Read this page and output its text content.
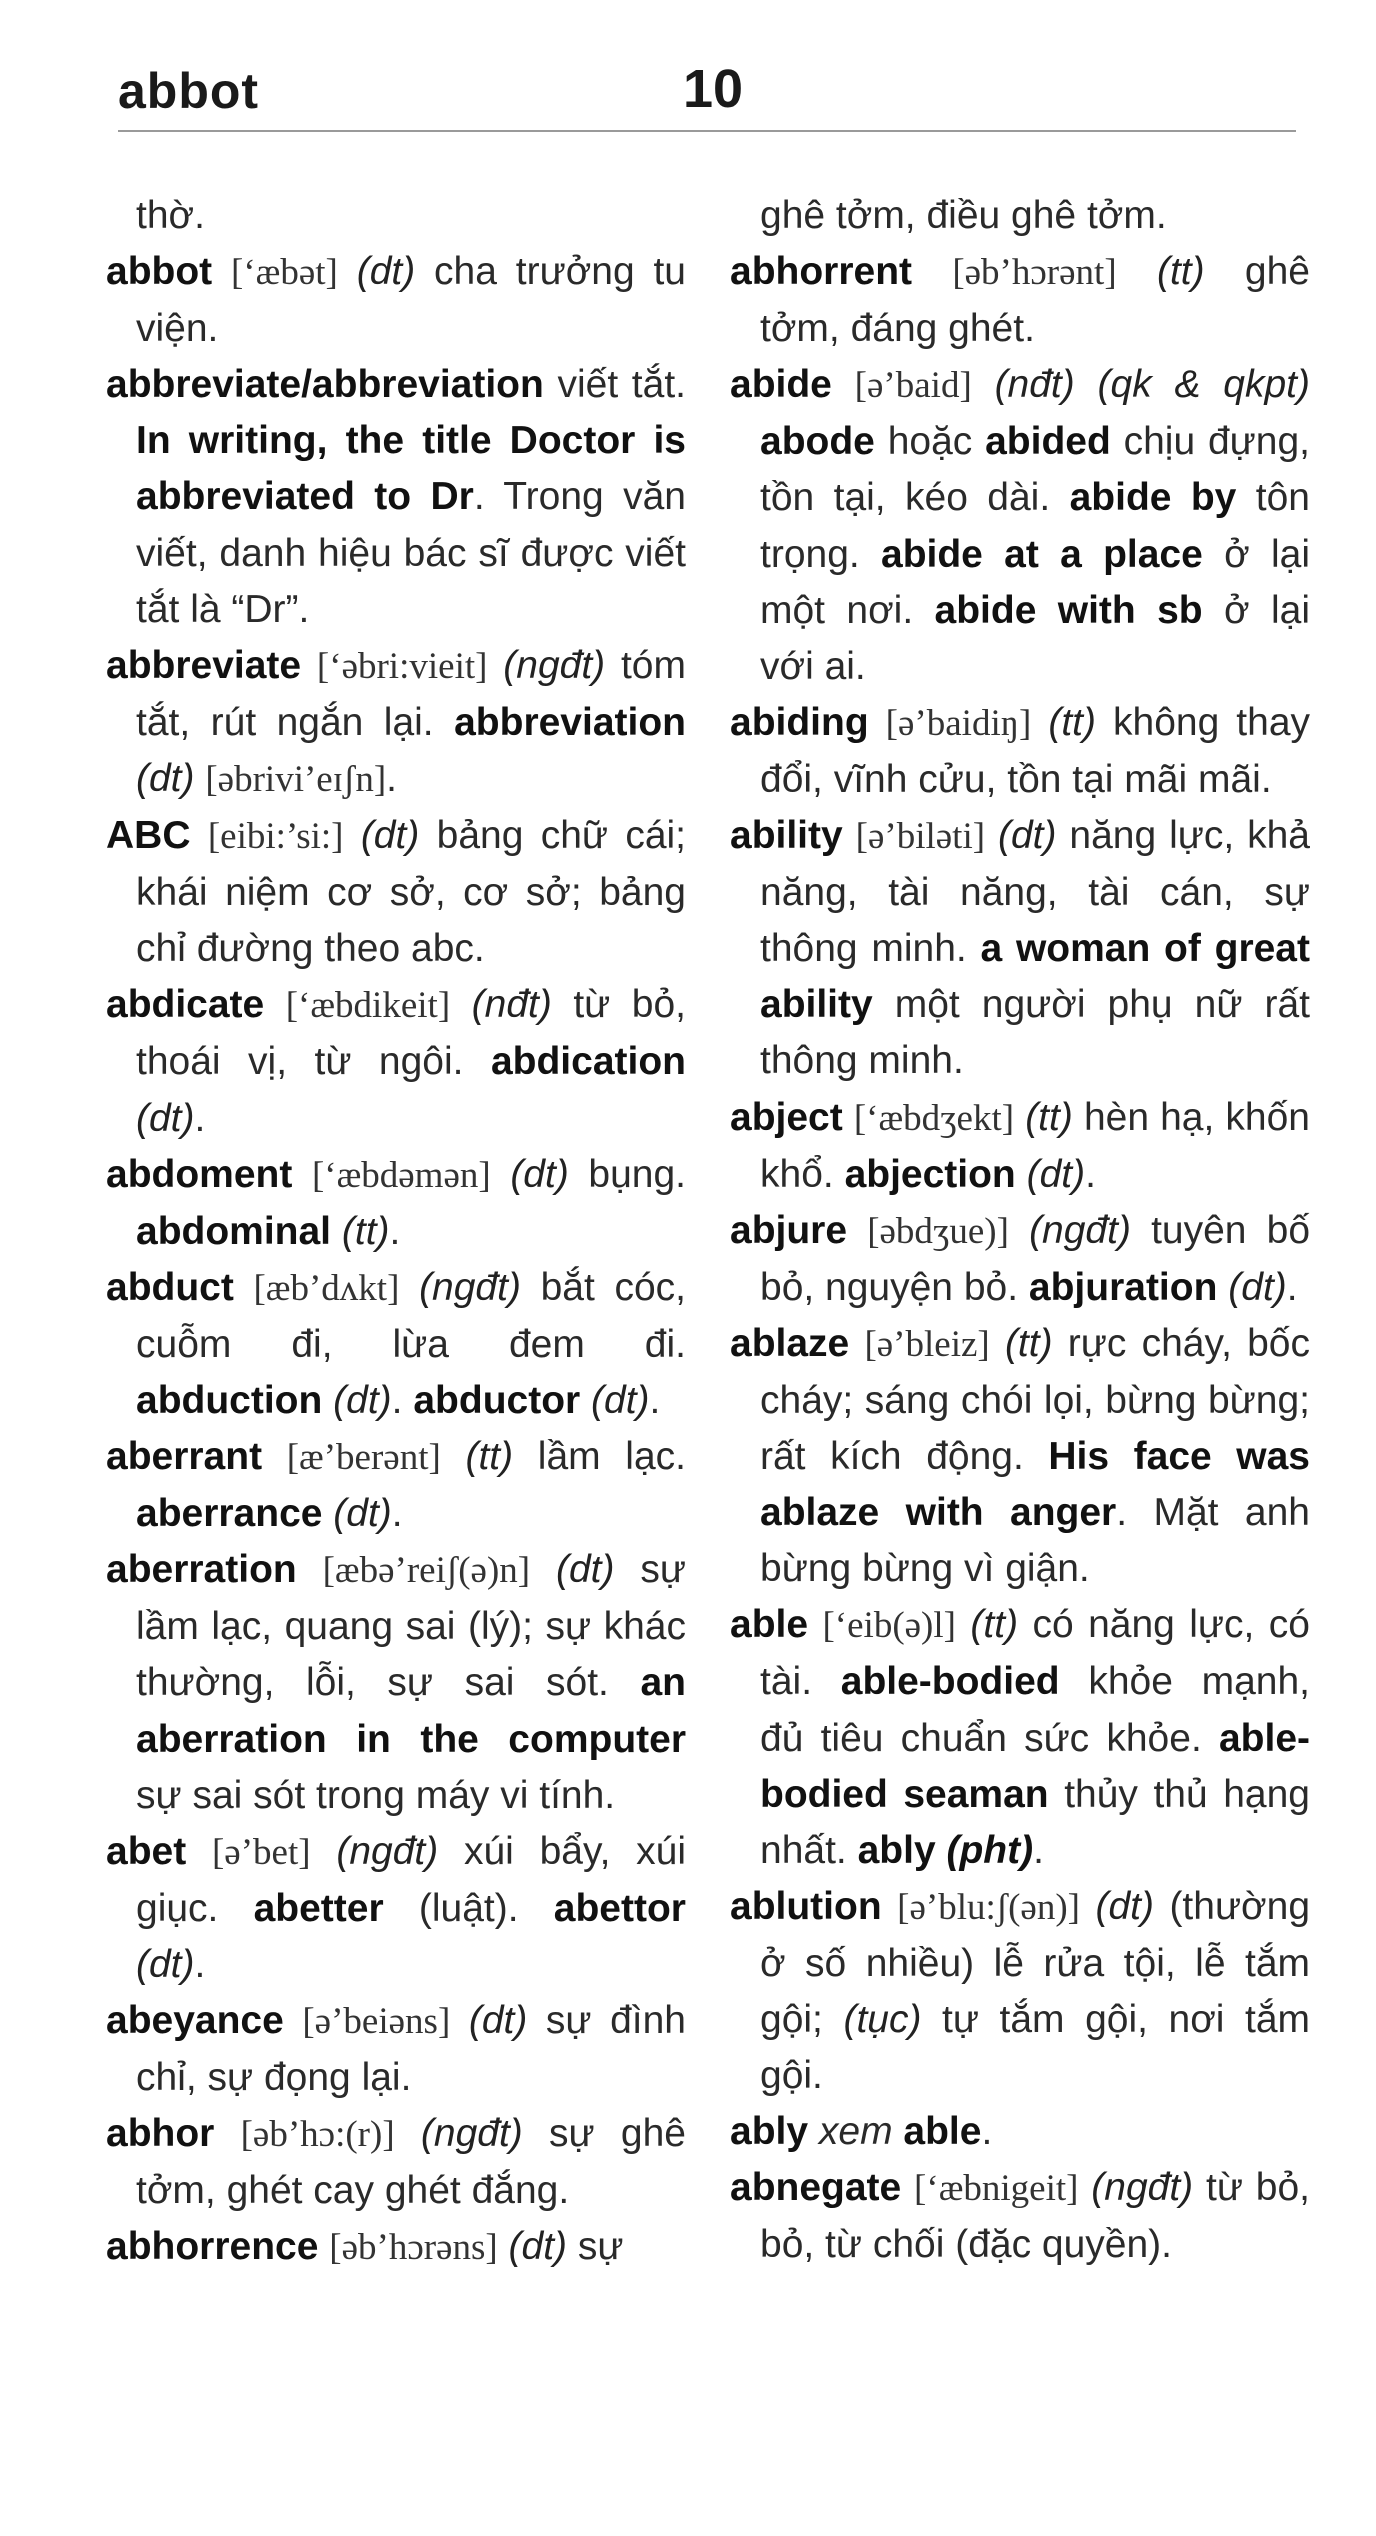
abbot	10

thờ.

abbot [ʻæbət] (dt) cha trưởng tu viện.

abbreviate/abbreviation viết tắt. In writing, the title Doctor is abbreviated to Dr. Trong văn viết, danh hiệu bác sĩ được viết tắt là “Dr”.

abbreviate [ʻəbri:vieit] (ngđt) tóm tắt, rút ngắn lại. abbreviation (dt) [əbrivi’eɪʃn].

ABC [eibi:’si:] (dt) bảng chữ cái; khái niệm cơ sở, cơ sở; bảng chỉ đường theo abc.

abdicate [ʻæbdikeit] (nđt) từ bỏ, thoái vị, từ ngôi. abdication (dt).

abdoment [ʻæbdəmən] (dt) bụng. abdominal (tt).

abduct [æb’dʌkt] (ngđt) bắt cóc, cuỗm đi, lừa đem đi. abduction (dt). abductor (dt).

aberrant [æ’berənt] (tt) lầm lạc. aberrance (dt).

aberration [æbə’reiʃ(ə)n] (dt) sự lầm lạc, quang sai (lý); sự khác thường, lỗi, sự sai sót. an aberration in the computer sự sai sót trong máy vi tính.

abet [ə’bet] (ngđt) xúi bẩy, xúi giục. abetter (luật). abettor (dt).

abeyance [ə’beiəns] (dt) sự đình chỉ, sự đọng lại.

abhor [əb’hɔ:(r)] (ngđt) sự ghê tởm, ghét cay ghét đắng.

abhorrence [əb’hɔrəns] (dt) sự

ghê tởm, điều ghê tởm.

abhorrent [əb’hɔrənt] (tt) ghê tởm, đáng ghét.

abide [ə’baid] (nđt) (qk & qkpt) abode hoặc abided chịu đựng, tồn tại, kéo dài. abide by tôn trọng. abide at a place ở lại một nơi. abide with sb ở lại với ai.

abiding [ə’baidiŋ] (tt) không thay đổi, vĩnh cửu, tồn tại mãi mãi.

ability [ə’biləti] (dt) năng lực, khả năng, tài năng, tài cán, sự thông minh. a woman of great ability một người phụ nữ rất thông minh.

abject [ʻæbdʒekt] (tt) hèn hạ, khốn khổ. abjection (dt).

abjure [əbdʒue)] (ngđt) tuyên bố bỏ, nguyện bỏ. abjuration (dt).

ablaze [ə’bleiz] (tt) rực cháy, bốc cháy; sáng chói lọi, bừng bừng; rất kích động. His face was ablaze with anger. Mặt anh bừng bừng vì giận.

able [‘eib(ə)l] (tt) có năng lực, có tài. able-bodied khỏe mạnh, đủ tiêu chuẩn sức khỏe. able-bodied seaman thủy thủ hạng nhất. ably (pht).

ablution [ə’blu:ʃ(ən)] (dt) (thường ở số nhiều) lễ rửa tội, lễ tắm gội; (tục) tự tắm gội, nơi tắm gội.

ably xem able.

abnegate [ʻæbnigeit] (ngđt) từ bỏ, bỏ, từ chối (đặc quyền).
